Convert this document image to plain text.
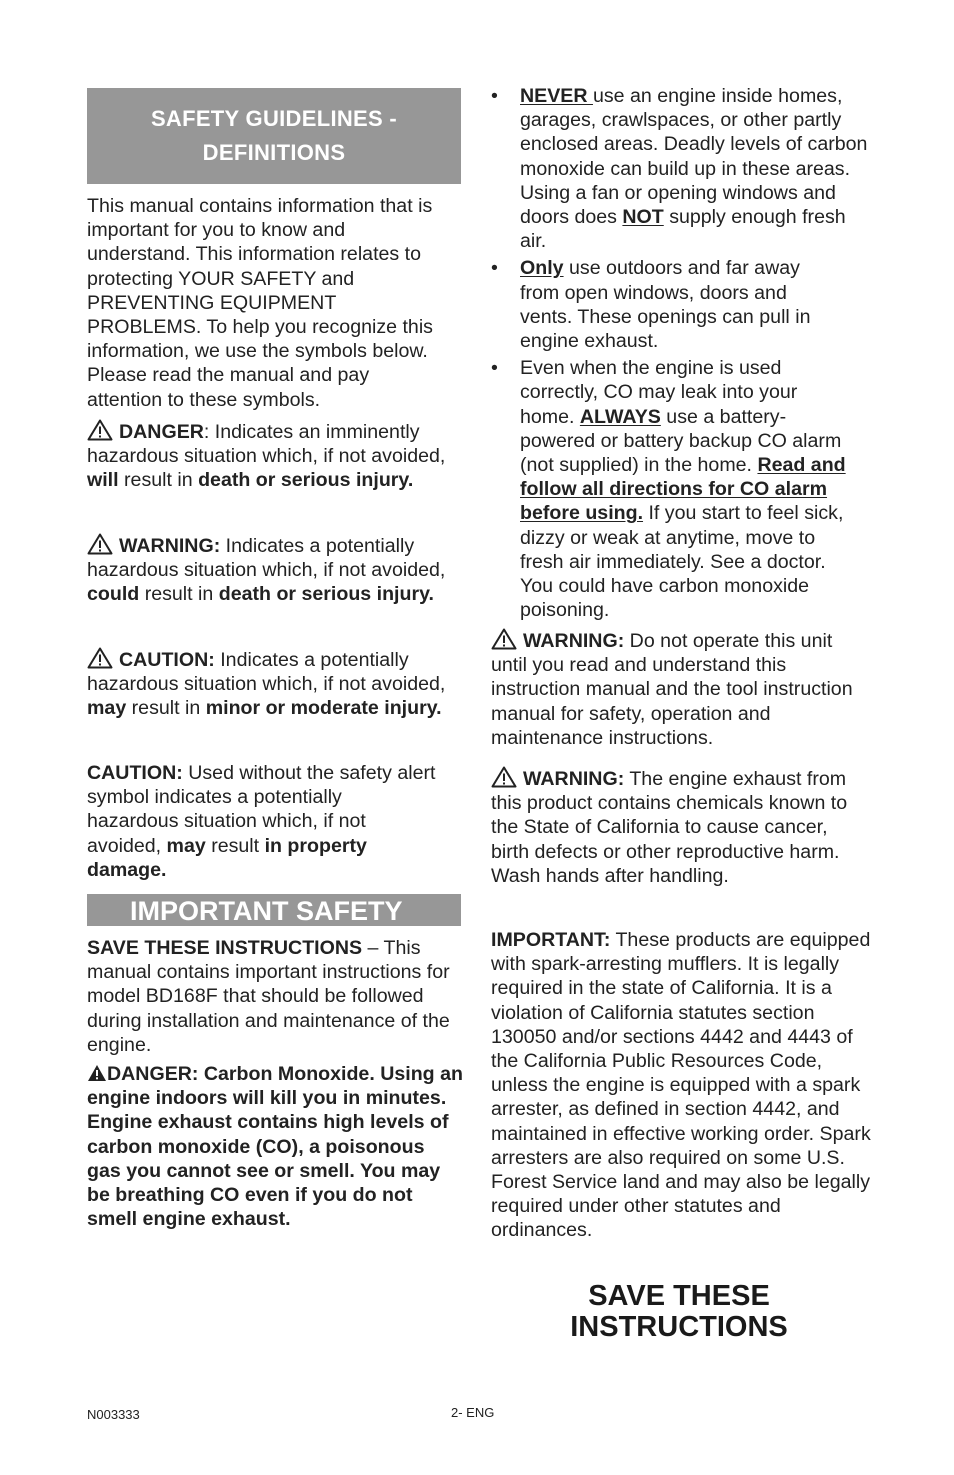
SAFETY GUIDELINES - DEFINITIONS

This manual contains information that is important for you to know and understand. This information relates to protecting YOUR SAFETY and PREVENTING EQUIPMENT PROBLEMS. To help you recognize this information, we use the symbols below. Please read the manual and pay attention to these symbols.

DANGER: Indicates an imminently hazardous situation which, if not avoided, will result in death or serious injury.

WARNING: Indicates a potentially hazardous situation which, if not avoided, could result in death or serious injury.

CAUTION: Indicates a potentially hazardous situation which, if not avoided, may result in minor or moderate injury.

CAUTION: Used without the safety alert symbol indicates a potentially hazardous situation which, if not avoided, may result in property damage.

IMPORTANT SAFETY

SAVE THESE INSTRUCTIONS – This manual contains important instructions for model BD168F that should be followed during installation and maintenance of the engine.

DANGER: Carbon Monoxide. Using an engine indoors will kill you in minutes. Engine exhaust contains high levels of carbon monoxide (CO), a poisonous gas you cannot see or smell. You may be breathing CO even if you do not smell engine exhaust.

• NEVER use an engine inside homes, garages, crawlspaces, or other partly enclosed areas. Deadly levels of carbon monoxide can build up in these areas. Using a fan or opening windows and doors does NOT supply enough fresh air.

• Only use outdoors and far away from open windows, doors and vents. These openings can pull in engine exhaust.

• Even when the engine is used correctly, CO may leak into your home. ALWAYS use a battery-powered or battery backup CO alarm (not supplied) in the home. Read and follow all directions for CO alarm before using. If you start to feel sick, dizzy or weak at anytime, move to fresh air immediately. See a doctor. You could have carbon monoxide poisoning.

WARNING: Do not operate this unit until you read and understand this instruction manual and the tool instruction manual for safety, operation and maintenance instructions.

WARNING: The engine exhaust from this product contains chemicals known to the State of California to cause cancer, birth defects or other reproductive harm. Wash hands after handling.

IMPORTANT: These products are equipped with spark-arresting mufflers. It is legally required in the state of California. It is a violation of California statutes section 130050 and/or sections 4442 and 4443 of the California Public Resources Code, unless the engine is equipped with a spark arrester, as defined in section 4442, and maintained in effective working order. Spark arresters are also required on some U.S. Forest Service land and may also be legally required under other statutes and ordinances.

SAVE THESE
INSTRUCTIONS
N003333	2- ENG
